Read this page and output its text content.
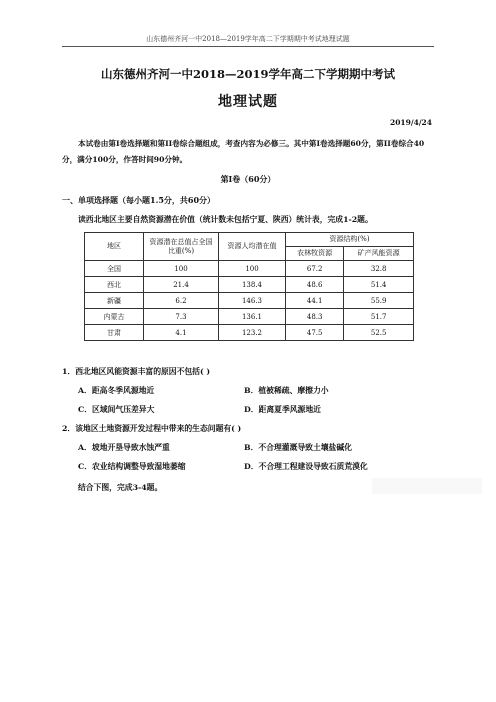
山东德州齐河一中2018—2019学年高二下学期期中考试地理试题
山东德州齐河一中2018—2019学年高二下学期期中考试
地理试题
2019/4/24
本试卷由第Ⅰ卷选择题和第II卷综合题组成，考查内容为必修三。其中第Ⅰ卷选择题60分，第II卷综合40分，满分100分，作答时间90分钟。
第Ⅰ卷（60分）
一、单项选择题（每小题1.5分，共60分）
读西北地区主要自然资源潜在价值（统计数未包括宁夏、陕西）统计表，完成1-2题。
地区	资源潜在总值占全国比重(%)	资源人均潜在值	资源结构(%)	
			农林牧资源	矿产风能资源
全国	100	100	67.2	32.8
西北	21.4	138.4	48.6	51.4
新疆	6.2	146.3	44.1	55.9
内蒙古	7.3	136.1	48.3	51.7
甘肃	4.1	123.2	47.5	52.5
1．西北地区风能资源丰富的原因不包括( )
A．距高冬季风源地近	B．植被稀疏、摩擦力小
C．区域间气压差异大	D．距离夏季风源地近
2．该地区土地资源开发过程中带来的生态问题有( )
A．坡地开垦导致水蚀严重	B．不合理灌溉导致土壤盐碱化
C．农业结构调整导致湿地萎缩	D．不合理工程建设导致石质荒漠化
结合下图，完成3-4题。
